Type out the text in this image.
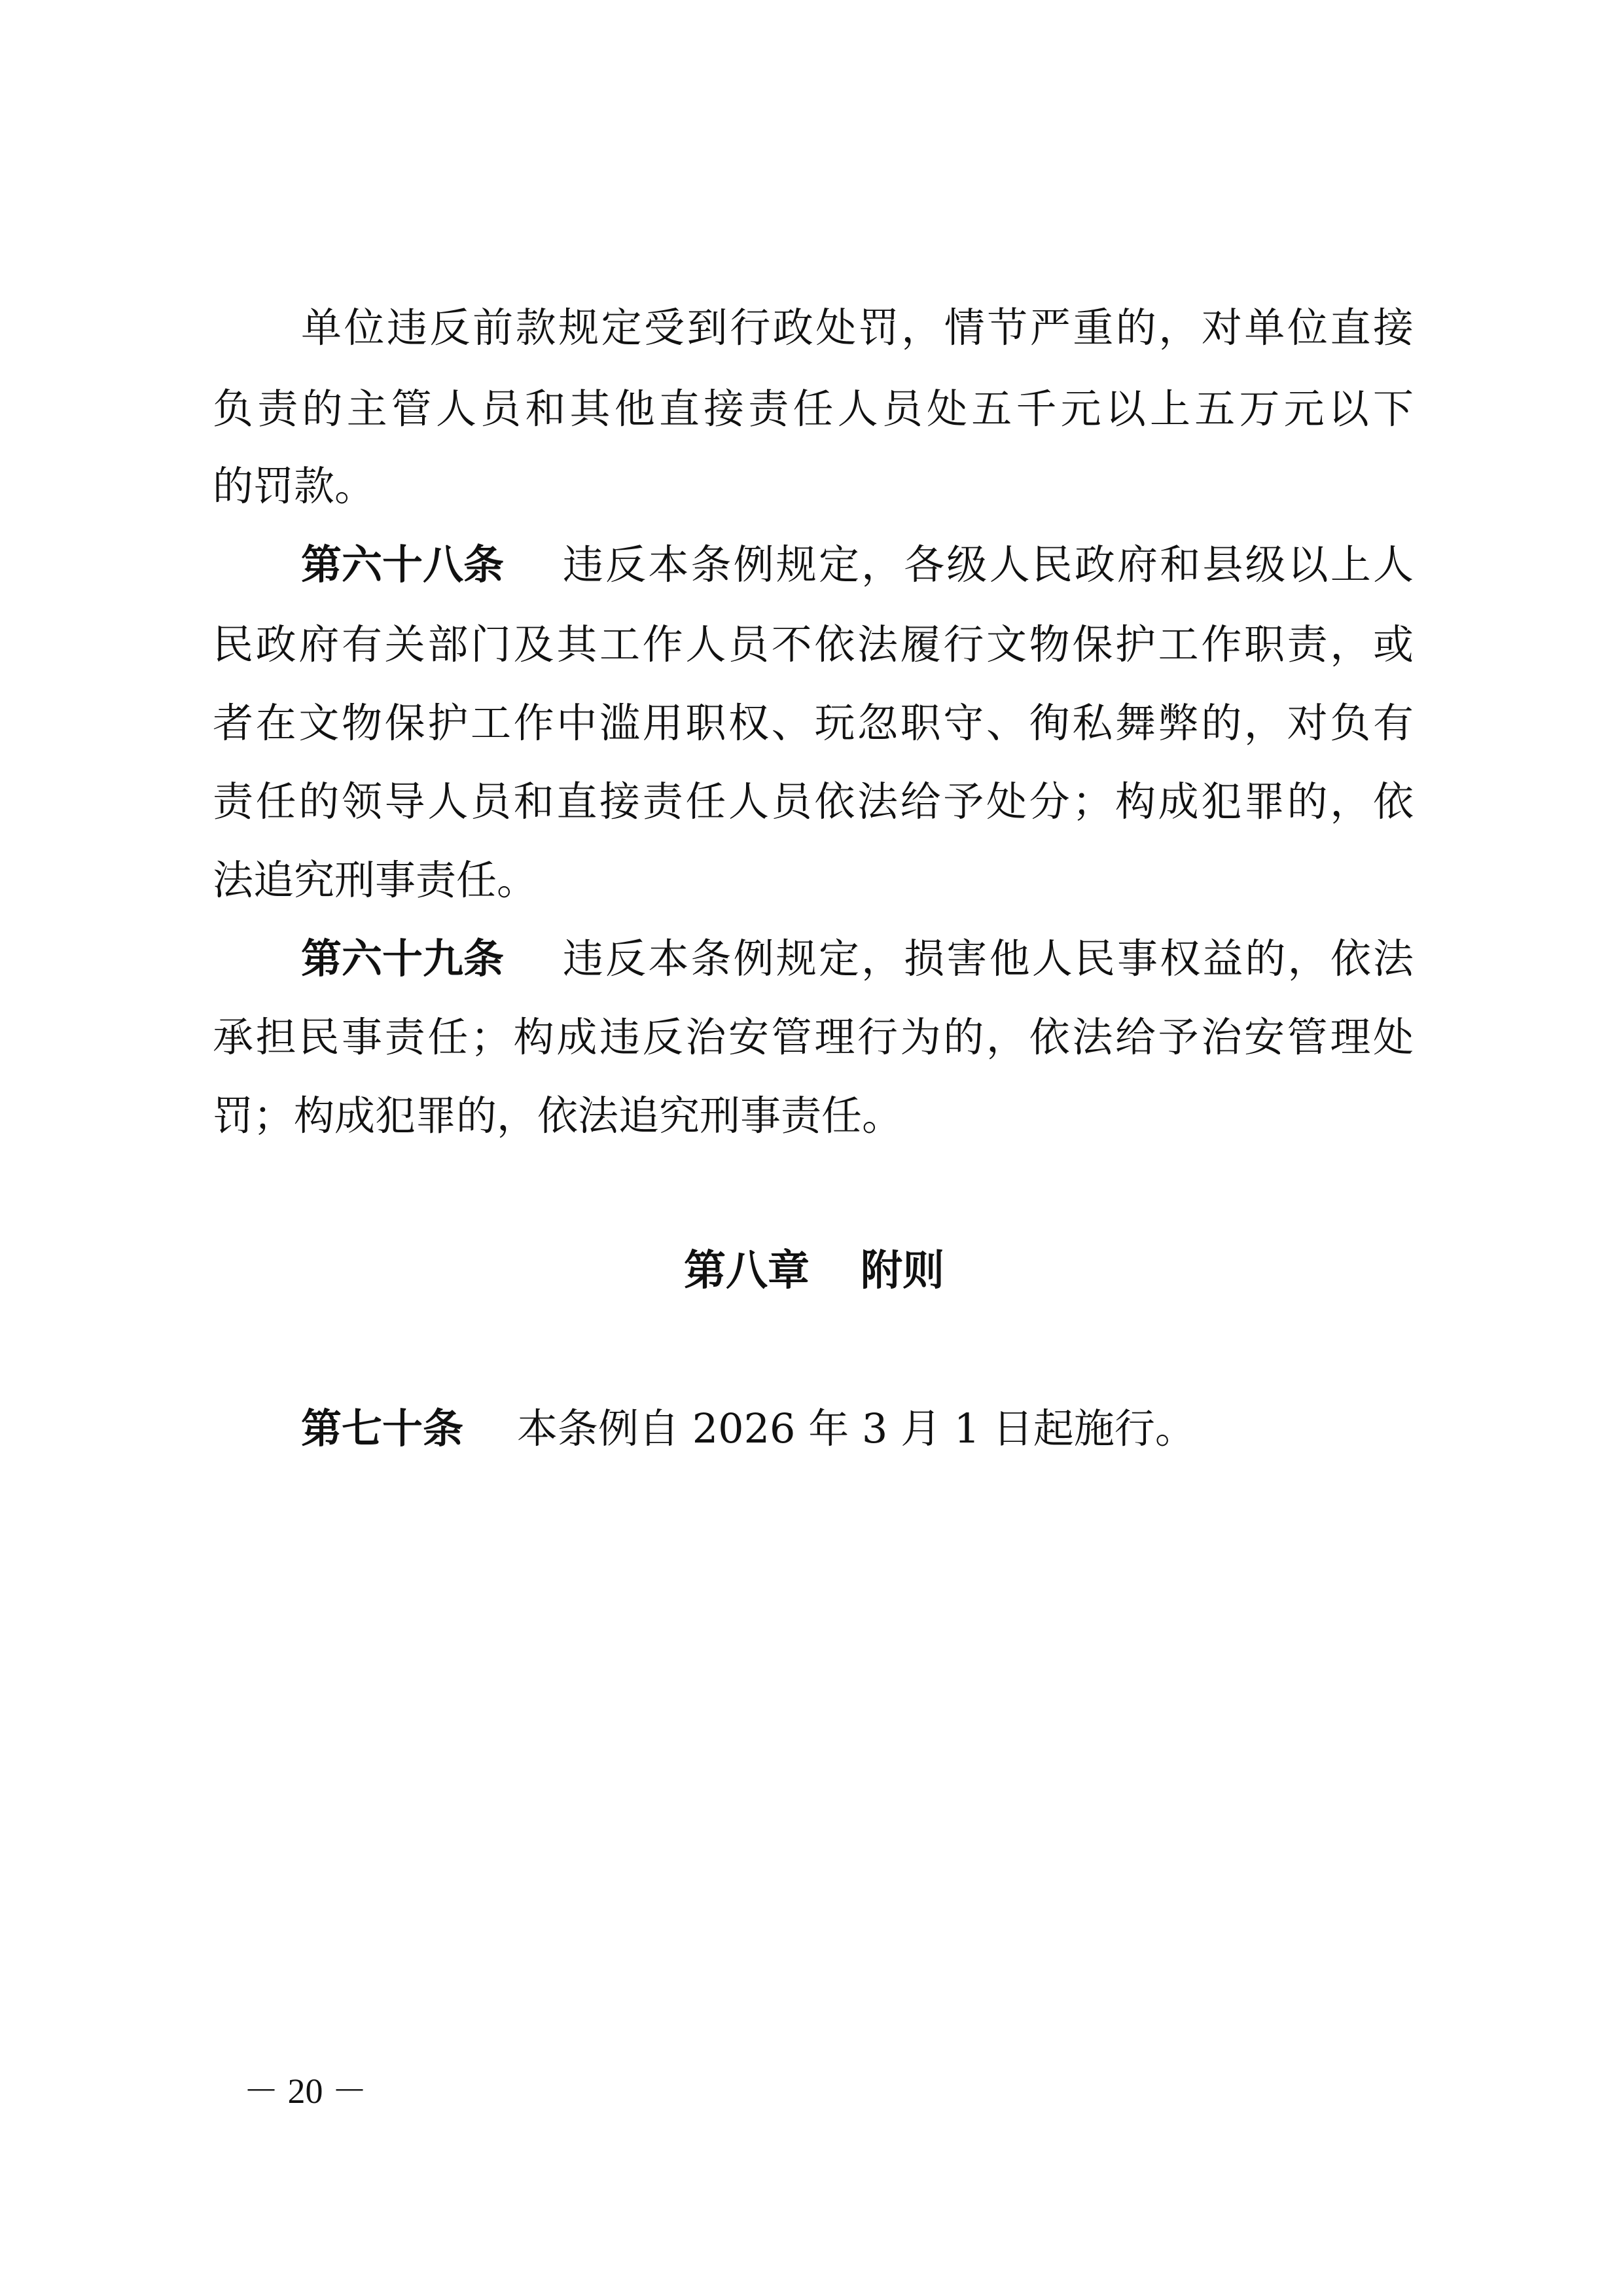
单位违反前款规定受到行政处罚，情节严重的，对单位直接
负责的主管人员和其他直接责任人员处五千元以上五万元以下
的罚款。
第六十八条 违反本条例规定，各级人民政府和县级以上人
民政府有关部门及其工作人员不依法履行文物保护工作职责，或
者在文物保护工作中滥用职权、玩忽职守、徇私舞弊的，对负有
责任的领导人员和直接责任人员依法给予处分；构成犯罪的，依
法追究刑事责任。
第六十九条 违反本条例规定，损害他人民事权益的，依法
承担民事责任；构成违反治安管理行为的，依法给予治安管理处
罚；构成犯罪的，依法追究刑事责任。
第八章 附则
第七十条 本条例自 2026 年 3 月 1 日起施行。
－ 20 －
